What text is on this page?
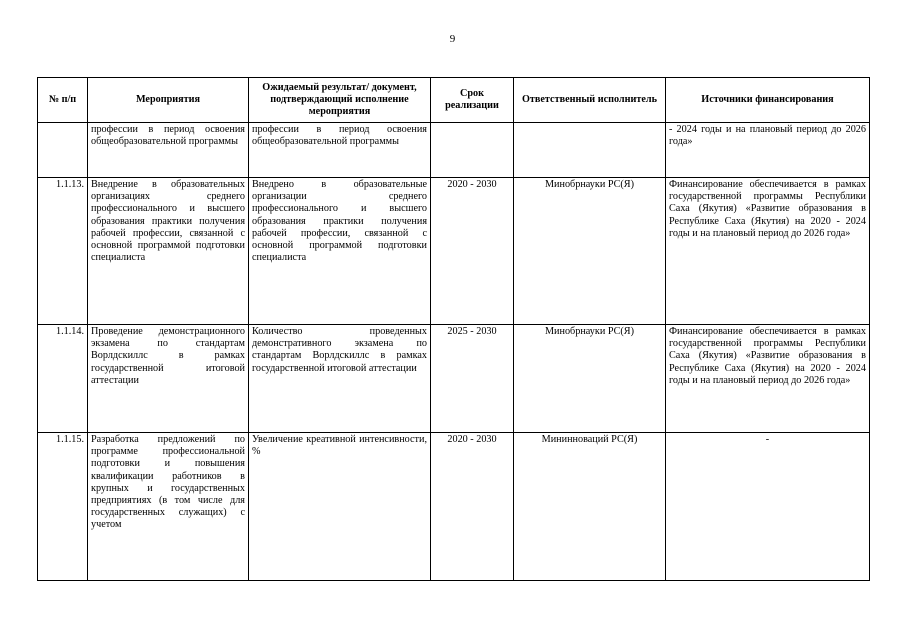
9
№ п/п	Мероприятия	Ожидаемый результат/ документ, подтверждающий исполнение мероприятия	Срок реализации	Ответственный исполнитель	Источники финансирования
	профессии в период освоения общеобразовательной программы	профессии в период освоения общеобразовательной программы			- 2024 годы и на плановый период до 2026 года»
1.1.13.	Внедрение в образовательных организациях среднего профессионального и высшего образования практики получения рабочей профессии, связанной с основной программой подготовки специалиста	Внедрено в образовательные организации среднего профессионального и высшего образования практики получения рабочей профессии, связанной с основной программой подготовки специалиста	2020 - 2030	Минобрнауки РС(Я)	Финансирование обеспечивается в рамках государственной программы Республики Саха (Якутия) «Развитие образования в Республике Саха (Якутия) на 2020 - 2024 годы и на плановый период до 2026 года»
1.1.14.	Проведение демонстрационного экзамена по стандартам Ворлдскиллс в рамках государственной итоговой аттестации	Количество проведенных демонстративного экзамена по стандартам Ворлдскиллс в рамках государственной итоговой аттестации	2025 - 2030	Минобрнауки РС(Я)	Финансирование обеспечивается в рамках государственной программы Республики Саха (Якутия) «Развитие образования в Республике Саха (Якутия) на 2020 - 2024 годы и на плановый период до 2026 года»
1.1.15.	Разработка предложений по программе профессиональной подготовки и повышения квалификации работников в крупных и государственных предприятиях (в том числе для государственных служащих) с учетом	Увеличение креативной интенсивности, %	2020 - 2030	Мининноваций РС(Я)	-
